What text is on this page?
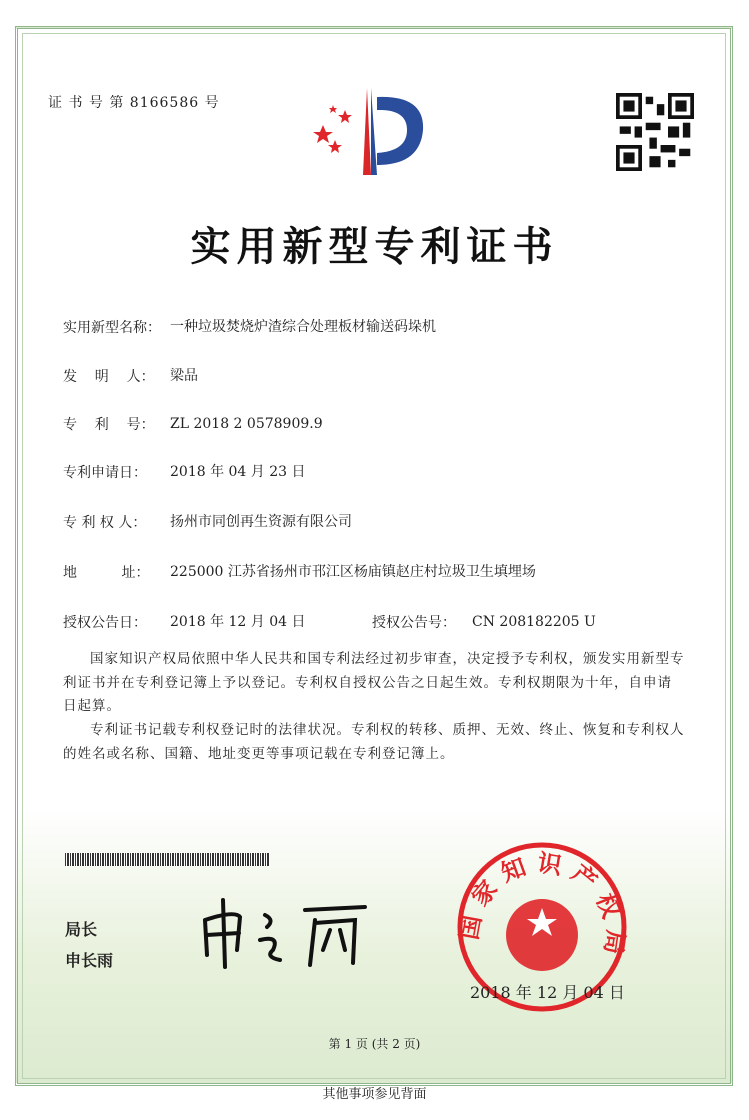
证 书 号 第 8166586 号
实用新型专利证书
实用新型名称： 一种垃圾焚烧炉渣综合处理板材输送码垛机
发    明    人：	梁品
专    利    号：	ZL 2018 2 0578909.9
专利申请日：	2018 年 04 月 23 日
专 利 权 人：	扬州市同创再生资源有限公司
地          址：	225000 江苏省扬州市邗江区杨庙镇赵庄村垃圾卫生填埋场
授权公告日：	2018 年 12 月 04 日	授权公告号：	CN 208182205 U

国家知识产权局依照中华人民共和国专利法经过初步审查，决定授予专利权，颁发实用新型专利证书并在专利登记簿上予以登记。专利权自授权公告之日起生效。专利权期限为十年，自申请日起算。

专利证书记载专利权登记时的法律状况。专利权的转移、质押、无效、终止、恢复和专利权人的姓名或名称、国籍、地址变更等事项记载在专利登记簿上。

局长
申长雨
国家知识产权局
2018 年 12 月 04 日
第 1 页 (共 2 页)
其他事项参见背面
